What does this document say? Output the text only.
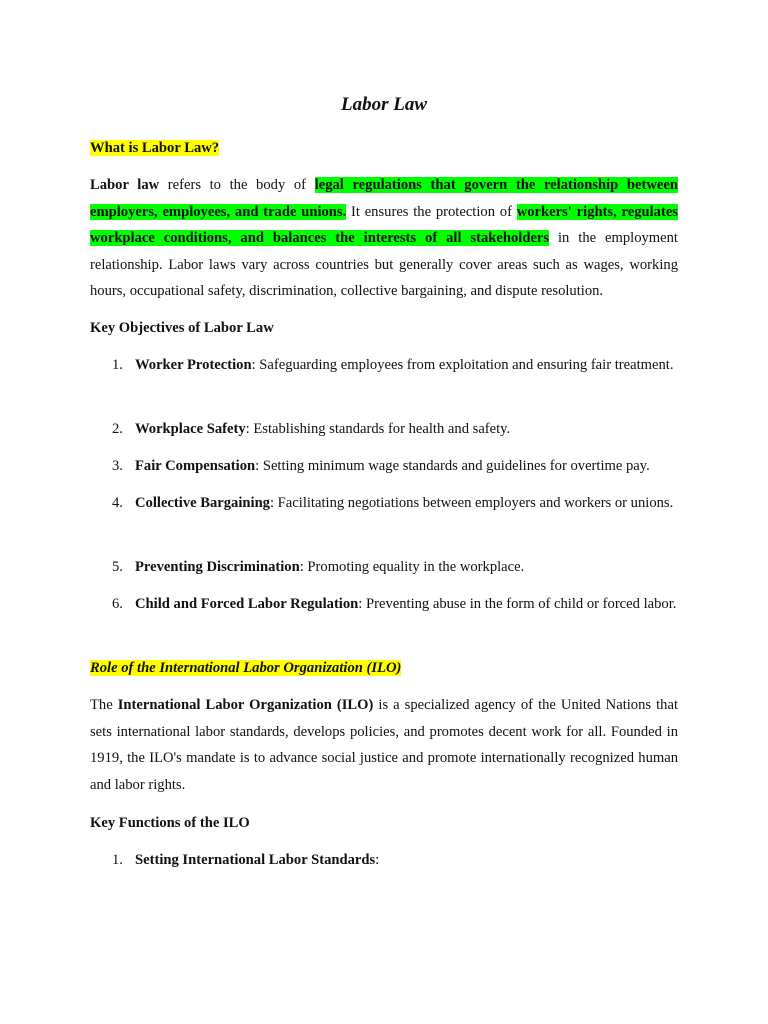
Labor Law

What is Labor Law?

Labor law refers to the body of legal regulations that govern the relationship between employers, employees, and trade unions. It ensures the protection of workers' rights, regulates workplace conditions, and balances the interests of all stakeholders in the employment relationship. Labor laws vary across countries but generally cover areas such as wages, working hours, occupational safety, discrimination, collective bargaining, and dispute resolution.

Key Objectives of Labor Law

1. Worker Protection: Safeguarding employees from exploitation and ensuring fair treatment.
2. Workplace Safety: Establishing standards for health and safety.
3. Fair Compensation: Setting minimum wage standards and guidelines for overtime pay.
4. Collective Bargaining: Facilitating negotiations between employers and workers or unions.
5. Preventing Discrimination: Promoting equality in the workplace.
6. Child and Forced Labor Regulation: Preventing abuse in the form of child or forced labor.

Role of the International Labor Organization (ILO)

The International Labor Organization (ILO) is a specialized agency of the United Nations that sets international labor standards, develops policies, and promotes decent work for all. Founded in 1919, the ILO's mandate is to advance social justice and promote internationally recognized human and labor rights.

Key Functions of the ILO

1. Setting International Labor Standards:
